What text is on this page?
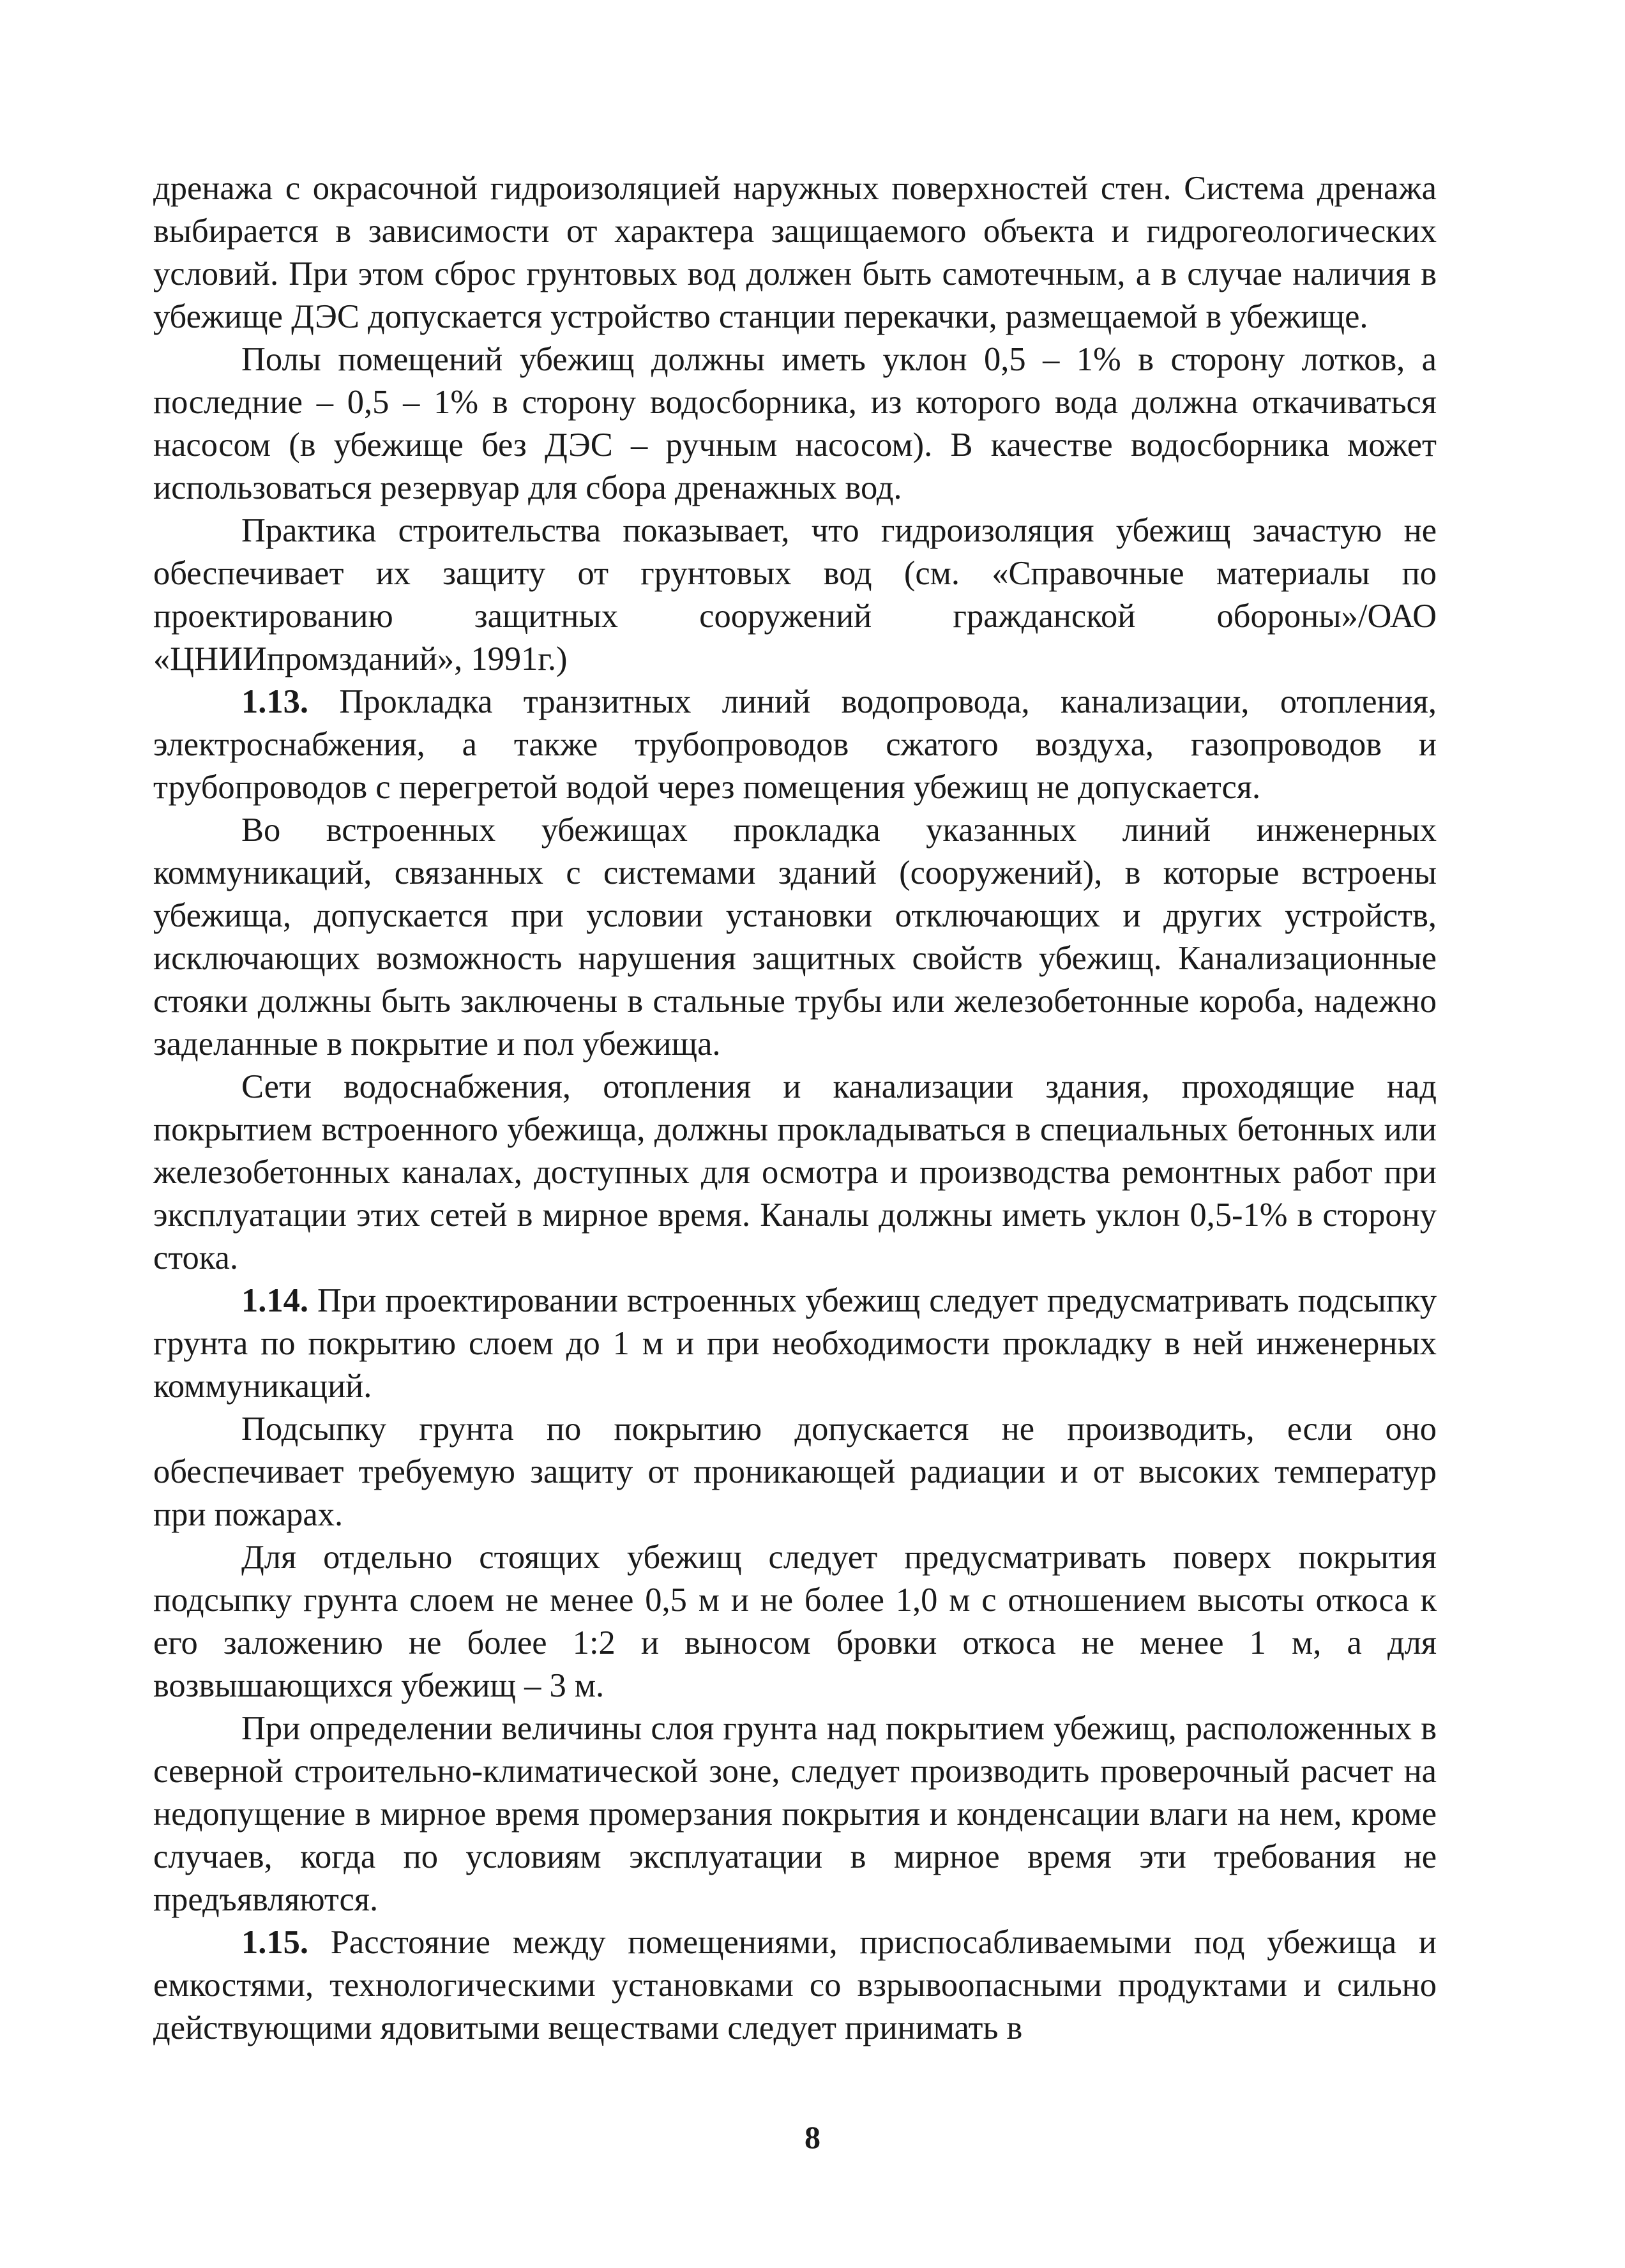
дренажа с окрасочной гидроизоляцией наружных поверхностей стен. Система дренажа выбирается в зависимости от характера защищаемого объекта и гидрогеологических условий. При этом сброс грунтовых вод должен быть самотечным, а в случае наличия в убежище ДЭС допускается устройство станции перекачки, размещаемой в убежище.

Полы помещений убежищ должны иметь уклон 0,5 – 1% в сторону лотков, а последние – 0,5 – 1% в сторону водосборника, из которого вода должна откачиваться насосом (в убежище без ДЭС – ручным насосом). В качестве водосборника может использоваться резервуар для сбора дренажных вод.

Практика строительства показывает, что гидроизоляция убежищ зачастую не обеспечивает их защиту от грунтовых вод (см. «Справочные материалы по проектированию защитных сооружений гражданской обороны»/ОАО «ЦНИИпромзданий», 1991г.)

1.13. Прокладка транзитных линий водопровода, канализации, отопления, электроснабжения, а также трубопроводов сжатого воздуха, газопроводов и трубопроводов с перегретой водой через помещения убежищ не допускается.

Во встроенных убежищах прокладка указанных линий инженерных коммуникаций, связанных с системами зданий (сооружений), в которые встроены убежища, допускается при условии установки отключающих и других устройств, исключающих возможность нарушения защитных свойств убежищ. Канализационные стояки должны быть заключены в стальные трубы или железобетонные короба, надежно заделанные в покрытие и пол убежища.

Сети водоснабжения, отопления и канализации здания, проходящие над покрытием встроенного убежища, должны прокладываться в специальных бетонных или железобетонных каналах, доступных для осмотра и производства ремонтных работ при эксплуатации этих сетей в мирное время. Каналы должны иметь уклон 0,5-1% в сторону стока.

1.14. При проектировании встроенных убежищ следует предусматривать подсыпку грунта по покрытию слоем до 1 м и при необходимости прокладку в ней инженерных коммуникаций.

Подсыпку грунта по покрытию допускается не производить, если оно обеспечивает требуемую защиту от проникающей радиации и от высоких температур при пожарах.

Для отдельно стоящих убежищ следует предусматривать поверх покрытия подсыпку грунта слоем не менее 0,5 м и не более 1,0 м с отношением высоты откоса к его заложению не более 1:2 и выносом бровки откоса не менее 1 м, а для возвышающихся убежищ – 3 м.

При определении величины слоя грунта над покрытием убежищ, расположенных в северной строительно-климатической зоне, следует производить проверочный расчет на недопущение в мирное время промерзания покрытия и конденсации влаги на нем, кроме случаев, когда по условиям эксплуатации в мирное время эти требования не предъявляются.

1.15. Расстояние между помещениями, приспосабливаемыми под убежища и емкостями, технологическими установками со взрывоопасными продуктами и сильно действующими ядовитыми веществами следует принимать в

8
